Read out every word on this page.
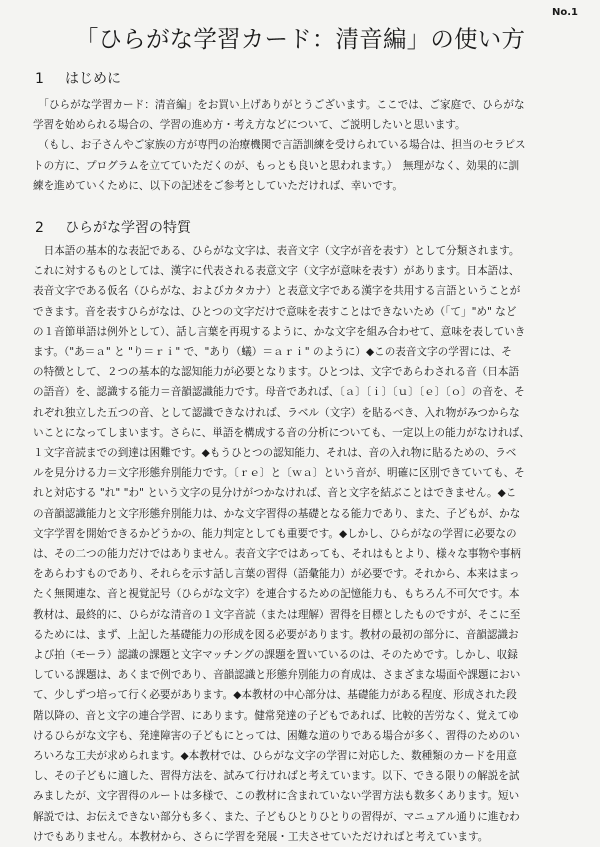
No.1
「ひらがな学習カード：清音編」の使い方
1 はじめに
　「ひらがな学習カード：清音編」をお買い上げありがとうございます。ここでは、ご家庭で、ひらがな
学習を始められる場合の、学習の進め方・考え方などについて、ご説明したいと思います。
　（もし、お子さんやご家族の方が専門の治療機関で言語訓練を受けられている場合は、担当のセラピス
トの方に、プログラムを立てていただくのが、もっとも良いと思われます。）　無理がなく、効果的に訓
練を進めていくために、以下の記述をご参考としていただければ、幸いです。
2 ひらがな学習の特質
　日本語の基本的な表記である、ひらがな文字は、表音文字（文字が音を表す）として分類されます。
これに対するものとしては、漢字に代表される表意文字（文字が意味を表す）があります。日本語は、
表音文字である仮名（ひらがな、およびカタカナ）と表意文字である漢字を共用する言語ということが
できます。音を表すひらがなは、ひとつの文字だけで意味を表すことはできないため（「て」"め" など
の１音節単語は例外として）、話し言葉を再現するように、かな文字を組み合わせて、意味を表していき
ます。（"あ＝ａ" と "り＝ｒｉ" で、"あり（蟻）＝ａｒｉ" のように）◆この表音文字の学習には、そ
の特徴として、２つの基本的な認知能力が必要となります。ひとつは、文字であらわされる音（日本語
の語音）を、認識する能力＝音韻認識能力です。母音であれば、〔ａ〕〔ｉ〕〔ｕ〕〔ｅ〕〔ｏ〕の音を、そ
れぞれ独立した五つの音、として認識できなければ、ラベル（文字）を貼るべき、入れ物がみつからな
いことになってしまいます。さらに、単語を構成する音の分析についても、一定以上の能力がなければ、
１文字音読までの到達は困難です。◆もうひとつの認知能力、それは、音の入れ物に貼るための、ラベ
ルを見分ける力＝文字形態弁別能力です。〔ｒｅ〕と〔ｗａ〕という音が、明確に区別できていても、そ
れと対応する "れ" "わ" という文字の見分けがつかなければ、音と文字を結ぶことはできません。◆こ
の音韻認識能力と文字形態弁別能力は、かな文字習得の基礎となる能力であり、また、子どもが、かな
文字学習を開始できるかどうかの、能力判定としても重要です。◆しかし、ひらがなの学習に必要なの
は、その二つの能力だけではありません。表音文字ではあっても、それはもとより、様々な事物や事柄
をあらわすものであり、それらを示す話し言葉の習得（語彙能力）が必要です。それから、本来はまっ
たく無関連な、音と視覚記号（ひらがな文字）を連合するための記憶能力も、もちろん不可欠です。本
教材は、最終的に、ひらがな清音の１文字音読（または理解）習得を目標としたものですが、そこに至
るためには、まず、上記した基礎能力の形成を図る必要があります。教材の最初の部分に、音韻認識お
よび拍（モーラ）認識の課題と文字マッチングの課題を置いているのは、そのためです。しかし、収録
している課題は、あくまで例であり、音韻認識と形態弁別能力の育成は、さまざまな場面や課題におい
て、少しずつ培って行く必要があります。◆本教材の中心部分は、基礎能力がある程度、形成された段
階以降の、音と文字の連合学習、にあります。健常発達の子どもであれば、比較的苦労なく、覚えてゆ
けるひらがな文字も、発達障害の子どもにとっては、困難な道のりである場合が多く、習得のためのい
ろいろな工夫が求められます。◆本教材では、ひらがな文字の学習に対応した、数種類のカードを用意
し、その子どもに適した、習得方法を、試みて行ければと考えています。以下、できる限りの解説を試
みましたが、文字習得のルートは多様で、この教材に含まれていない学習方法も数多くあります。短い
解説では、お伝えできない部分も多く、また、子どもひとりひとりの習得が、マニュアル通りに進むわ
けでもありません。本教材から、さらに学習を発展・工夫させていただければと考えています。
